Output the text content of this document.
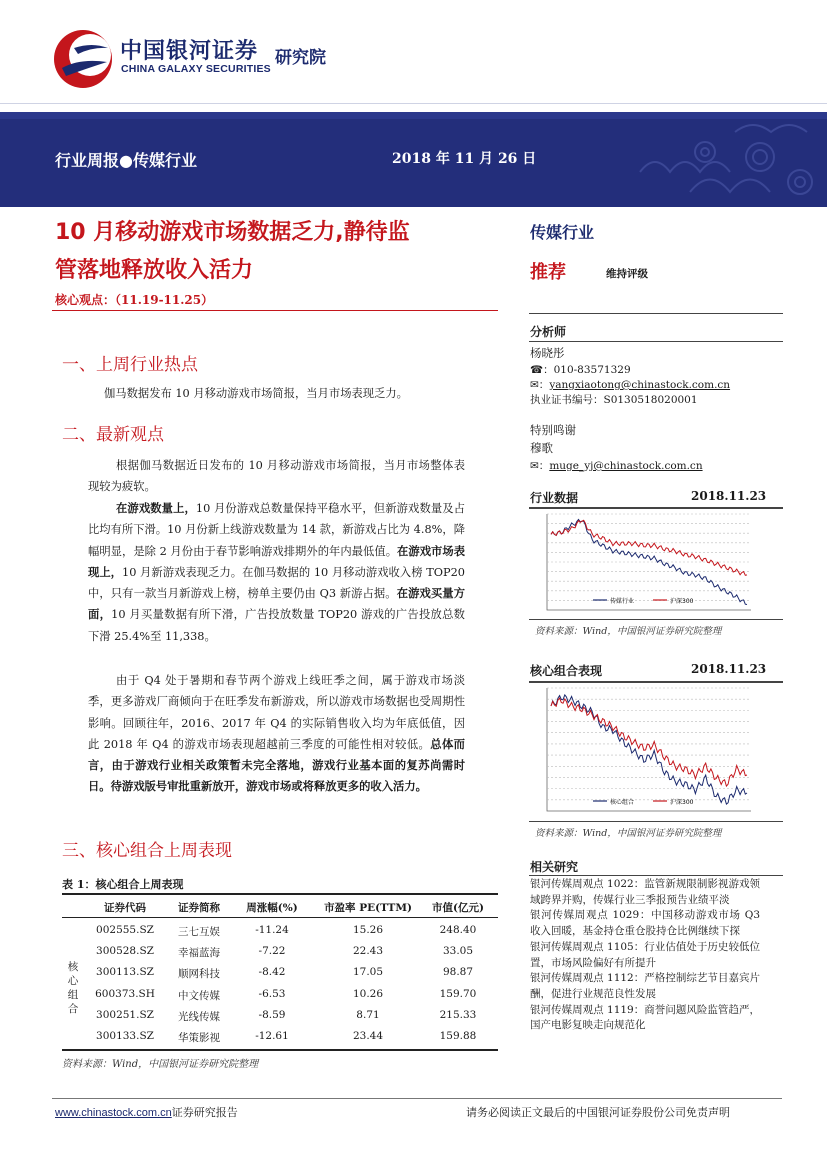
中国银河证券
CHINA GALAXY SECURITIES
研究院
行业周报●传媒行业	2018 年 11 月 26 日
10 月移动游戏市场数据乏力,静待监
管落地释放收入活力
核心观点：（11.19-11.25）
一、上周行业热点
伽马数据发布 10 月移动游戏市场简报，当月市场表现乏力。
二、最新观点
根据伽马数据近日发布的 10 月移动游戏市场简报，当月市场整体表现较为疲软。
在游戏数量上，10 月份游戏总数量保持平稳水平，但新游戏数量及占比均有所下滑。10 月份新上线游戏数量为 14 款，新游戏占比为 4.8%，降幅明显，是除 2 月份由于春节影响游戏排期外的年内最低值。在游戏市场表现上，10 月新游戏表现乏力。在伽马数据的 10 月移动游戏收入榜 TOP20 中，只有一款当月新游戏上榜，榜单主要仍由 Q3 新游占据。在游戏买量方面，10 月买量数据有所下滑，广告投放数量 TOP20 游戏的广告投放总数下滑 25.4%至 11,338。
由于 Q4 处于暑期和春节两个游戏上线旺季之间，属于游戏市场淡季，更多游戏厂商倾向于在旺季发布新游戏，所以游戏市场数据也受周期性影响。回顾往年，2016、2017 年 Q4 的实际销售收入均为年底低值，因此 2018 年 Q4 的游戏市场表现超越前三季度的可能性相对较低。总体而言，由于游戏行业相关政策暂未完全落地，游戏行业基本面的复苏尚需时日。待游戏版号审批重新放开，游戏市场或将释放更多的收入活力。
三、核心组合上周表现
表 1：核心组合上周表现
证券代码	证券简称	周涨幅(%)	市盈率 PE(TTM)	市值(亿元)
核
心
组
合
002555.SZ	三七互娱	-11.24	15.26	248.40
300528.SZ	幸福蓝海	-7.22	22.43	33.05
300113.SZ	顺网科技	-8.42	17.05	98.87
600373.SH	中文传媒	-6.53	10.26	159.70
300251.SZ	光线传媒	-8.59	8.71	215.33
300133.SZ	华策影视	-12.61	23.44	159.88
资料来源：Wind，中国银河证券研究院整理
传媒行业
推荐	维持评级
分析师
杨晓彤
☎：010-83571329
✉：yangxiaotong@chinastock.com.cn
执业证书编号：S0130518020001
特别鸣谢
穆歌
✉：muge_yj@chinastock.com.cn
行业数据	2018.11.23
传媒行业	沪深300
资料来源：Wind，中国银河证券研究院整理
核心组合表现	2018.11.23
核心组合	沪深300
资料来源：Wind，中国银河证券研究院整理
相关研究
银河传媒周观点 1022：监管新规限制影视游戏领域跨界并购，传媒行业三季报预告业绩平淡
银河传媒周观点 1029：中国移动游戏市场 Q3 收入回暖，基金持仓重仓股持仓比例继续下探
银河传媒周观点 1105：行业估值处于历史较低位置，市场风险偏好有所提升
银河传媒周观点 1112：严格控制综艺节目嘉宾片酬，促进行业规范良性发展
银河传媒周观点 1119：商誉问题风险监管趋严，国产电影复映走向规范化
www.chinastock.com.cn证券研究报告	请务必阅读正文最后的中国银河证券股份公司免责声明
